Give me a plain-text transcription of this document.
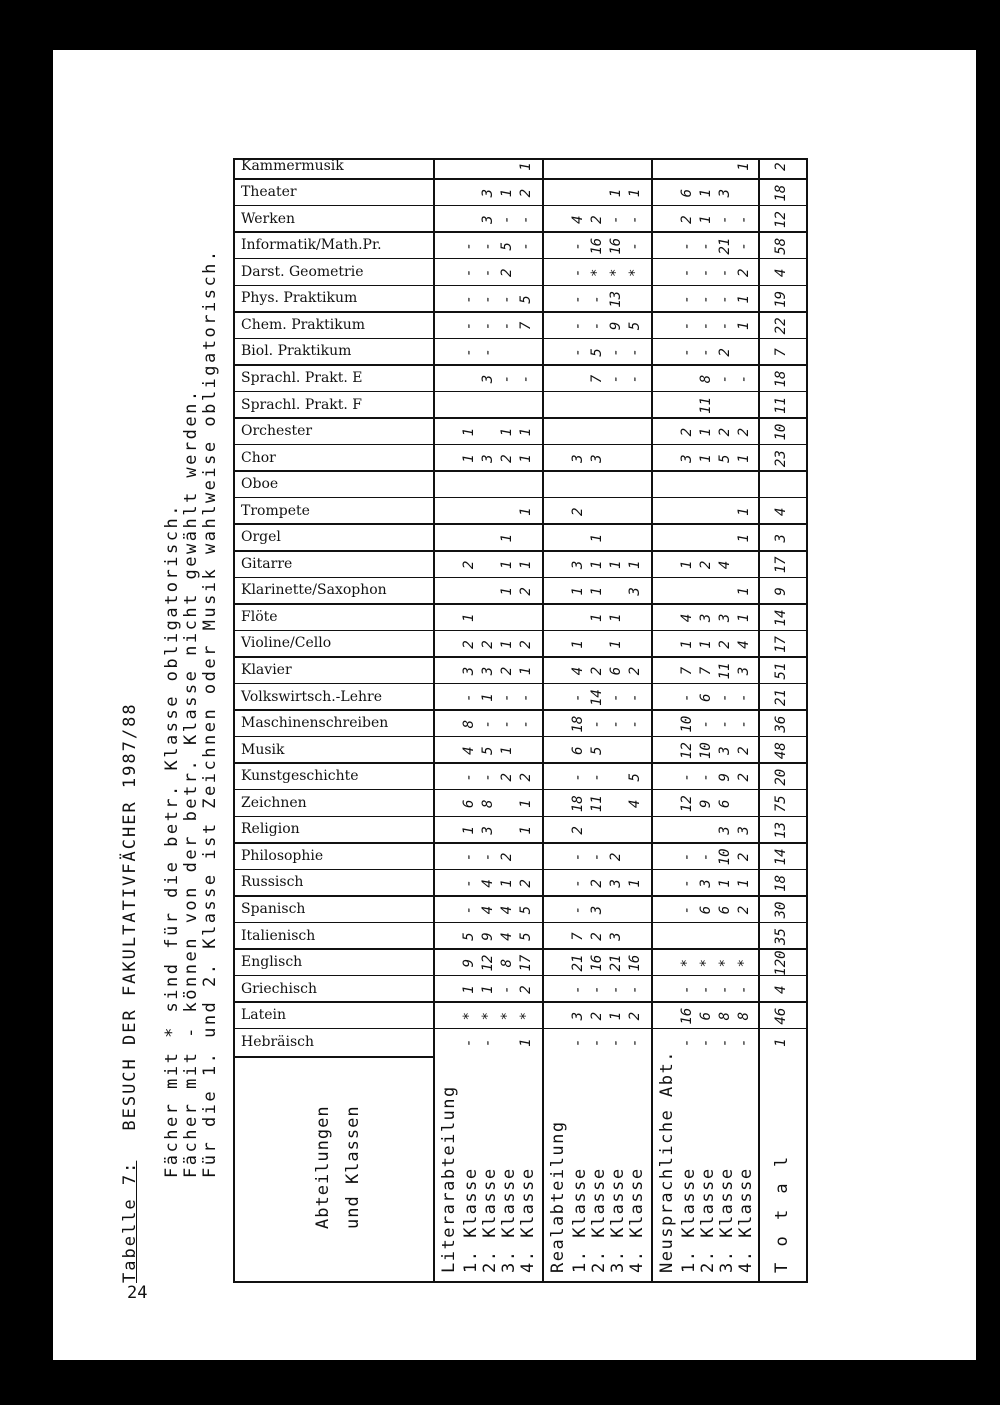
24
Tabelle 7:BESUCH DER FAKULTATIVFÄCHER 1987/88 Fächer mit * sind für die betr. Klasse obligatorisch. Fächer mit - können von der betr. Klasse nicht gewählt werden. Für die 1. und 2. Klasse ist Zeichnen oder Musik wahlweise obligatorisch.	Abteilungen und Klassen
Hebräisch
Latein
Griechisch
Englisch
Italienisch
Spanisch
Russisch
Philosophie
Religion
Zeichnen
Kunstgeschichte
Musik
Maschinenschreiben
Volkswirtsch.-Lehre
Klavier
Violine/Cello
Flöte
Klarinette/Saxophon
Gitarre
Orgel
Trompete
Oboe
Chor
Orchester
Sprachl. Prakt. F
Sprachl. Prakt. E
Biol. Praktikum
Chem. Praktikum
Phys. Praktikum
Darst. Geometrie
Informatik/Math.Pr.
Werken
Theater
Kammermusik
Literarabteilung 1. Klasse
-
*
1
9
5
-
-
-
1
6
-
4
8
-
3
2
1
2
1
1
-
-
-
-
-
2. Klasse
-
*
1
12
9
4
4
-
3
8
-
5
-
1
3
2
3
3
-
-
-
-
-
3
3
3. Klasse
*
-
8
4
4
1
2
2
1
-
-
2
1
1
1
1
2
1
-
-
-
2
5
-
1
4. Klasse
1
*
2
17
5
5
2
1
1
2
-
-
1
2
2
1
1
1
1
-
7
5
-
-
2
1
Realabteilung 1. Klasse
-
3
-
21
7
-
-
-
2
18
-
6
18
-
4
1
1
3
2
3
-
-
-
-
-
4
2. Klasse
-
2
-
16
2
3
2
-
11
-
5
-
14
2
1
1
1
1
3
7
5
-
-
*
16
2
3. Klasse
-
1
-
21
3
3
2
-
-
6
1
1
1
-
-
9
13
*
16
-
1
4. Klasse
-
2
-
16
1
4
5
-
-
2
3
1
-
-
5
*
-
-
1
Neusprachliche Abt. 1. Klasse
-
16
-
*
-
-
-
12
-
12
10
-
7
1
4
1
3
2
-
-
-
-
-
2
6
2. Klasse
-
6
-
*
6
3
-
9
-
10
-
6
7
1
3
2
1
1
11
8
-
-
-
-
-
1
1
3. Klasse
-
8
-
*
6
1
10
3
6
9
3
-
-
11
2
3
4
5
2
-
2
-
-
-
21
-
3
4. Klasse
-
8
-
*
2
1
2
3
2
2
-
-
3
4
1
1
1
1
1
2
-
1
1
2
-
-
1
T o t a l
1
46
4
120
35
30
18
14
13
75
20
48
36
21
51
17
14
9
17
3
4
23
10
11
18
7
22
19
4
58
12
18
2
